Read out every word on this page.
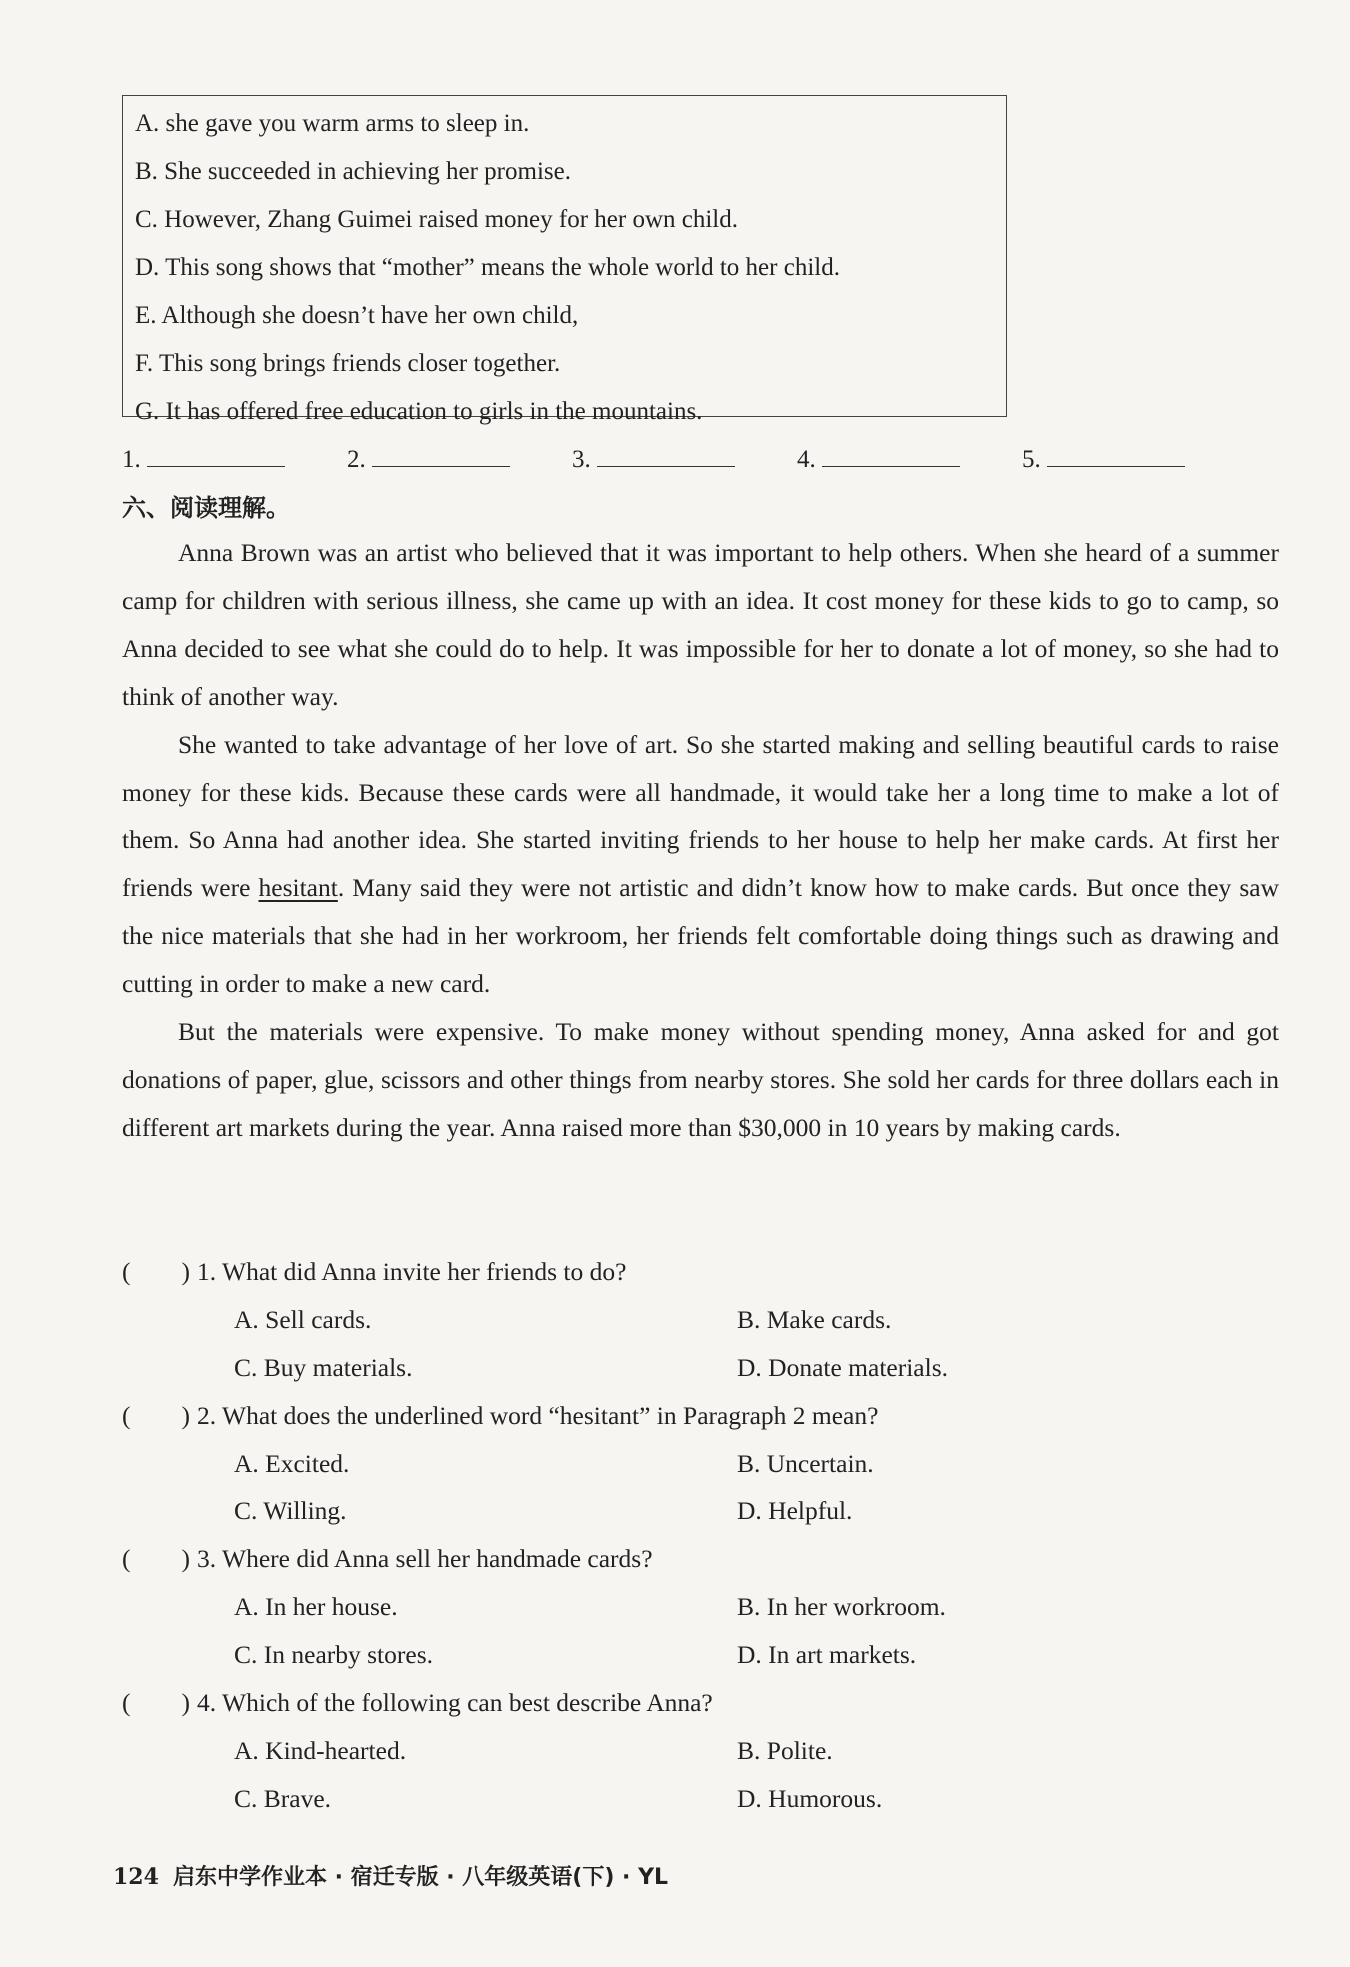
A. she gave you warm arms to sleep in.
B. She succeeded in achieving her promise.
C. However, Zhang Guimei raised money for her own child.
D. This song shows that “mother” means the whole world to her child.
E. Although she doesn’t have her own child,
F. This song brings friends closer together.
G. It has offered free education to girls in the mountains.
1.	2.	3.	4.	5.
六、阅读理解。

Anna Brown was an artist who believed that it was important to help others. When she heard of a summer camp for children with serious illness, she came up with an idea. It cost money for these kids to go to camp, so Anna decided to see what she could do to help. It was impossible for her to donate a lot of money, so she had to think of another way.

She wanted to take advantage of her love of art. So she started making and selling beautiful cards to raise money for these kids. Because these cards were all handmade, it would take her a long time to make a lot of them. So Anna had another idea. She started inviting friends to her house to help her make cards. At first her friends were hesitant. Many said they were not artistic and didn’t know how to make cards. But once they saw the nice materials that she had in her workroom, her friends felt comfortable doing things such as drawing and cutting in order to make a new card.

But the materials were expensive. To make money without spending money, Anna asked for and got donations of paper, glue, scissors and other things from nearby stores. She sold her cards for three dollars each in different art markets during the year. Anna raised more than $30,000 in 10 years by making cards.

(　　) 1. What did Anna invite her friends to do?
A. Sell cards.	B. Make cards.
C. Buy materials.	D. Donate materials.
(　　) 2. What does the underlined word “hesitant” in Paragraph 2 mean?
A. Excited.	B. Uncertain.
C. Willing.	D. Helpful.
(　　) 3. Where did Anna sell her handmade cards?
A. In her house.	B. In her workroom.
C. In nearby stores.	D. In art markets.
(　　) 4. Which of the following can best describe Anna?
A. Kind-hearted.	B. Polite.
C. Brave.	D. Humorous.
124 启东中学作业本 · 宿迁专版 · 八年级英语(下) · YL
